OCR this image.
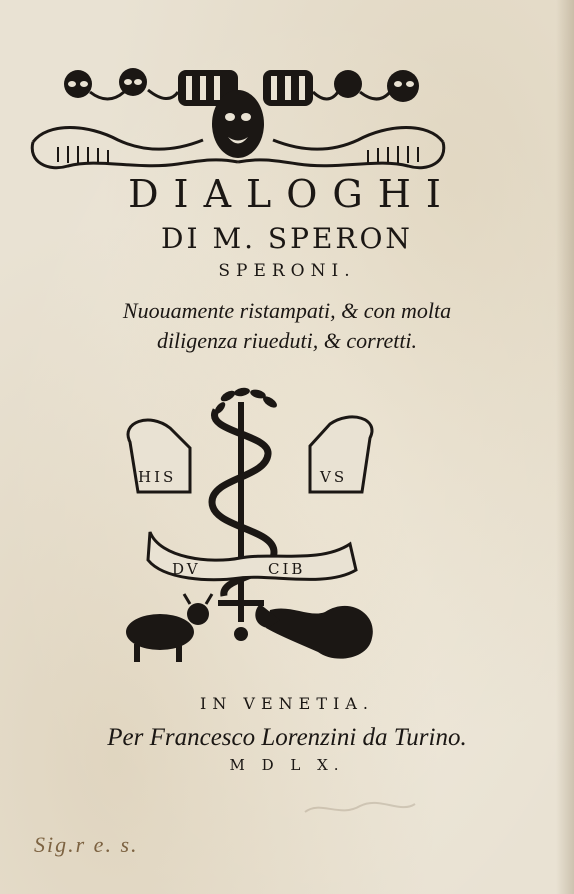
DIALOGHI
DI M. SPERON
SPERONI.
Nuouamente ristampati, & con molta
diligenza riueduti, & corretti.
HIS	VS
DV	CIB
IN VENETIA.
Per Francesco Lorenzini da Turino.
M D L X.
Sig.r e. s.
